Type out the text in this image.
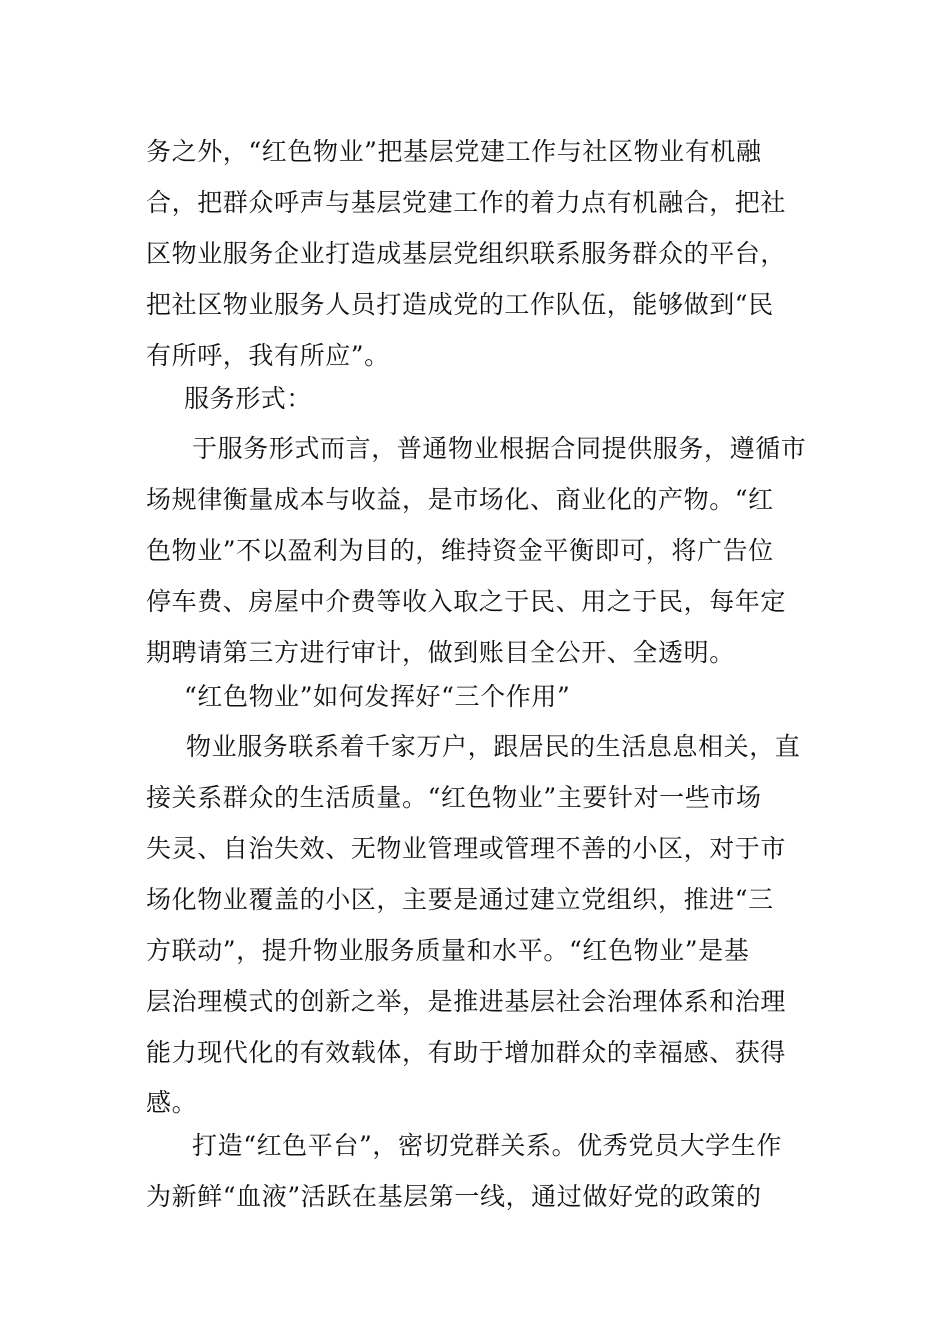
务之外，“红色物业”把基层党建工作与社区物业有机融
合，把群众呼声与基层党建工作的着力点有机融合，把社
区物业服务企业打造成基层党组织联系服务群众的平台，
把社区物业服务人员打造成党的工作队伍，能够做到“民
有所呼，我有所应”。
服务形式：
于服务形式而言，普通物业根据合同提供服务，遵循市
场规律衡量成本与收益，是市场化、商业化的产物。“红
色物业”不以盈利为目的，维持资金平衡即可，将广告位
停车费、房屋中介费等收入取之于民、用之于民，每年定
期聘请第三方进行审计，做到账目全公开、全透明。
“红色物业”如何发挥好“三个作用”
物业服务联系着千家万户，跟居民的生活息息相关，直
接关系群众的生活质量。“红色物业”主要针对一些市场
失灵、自治失效、无物业管理或管理不善的小区，对于市
场化物业覆盖的小区，主要是通过建立党组织，推进“三
方联动”，提升物业服务质量和水平。“红色物业”是基
层治理模式的创新之举，是推进基层社会治理体系和治理
能力现代化的有效载体，有助于增加群众的幸福感、获得
感。
打造“红色平台”，密切党群关系。优秀党员大学生作
为新鲜“血液”活跃在基层第一线，通过做好党的政策的
